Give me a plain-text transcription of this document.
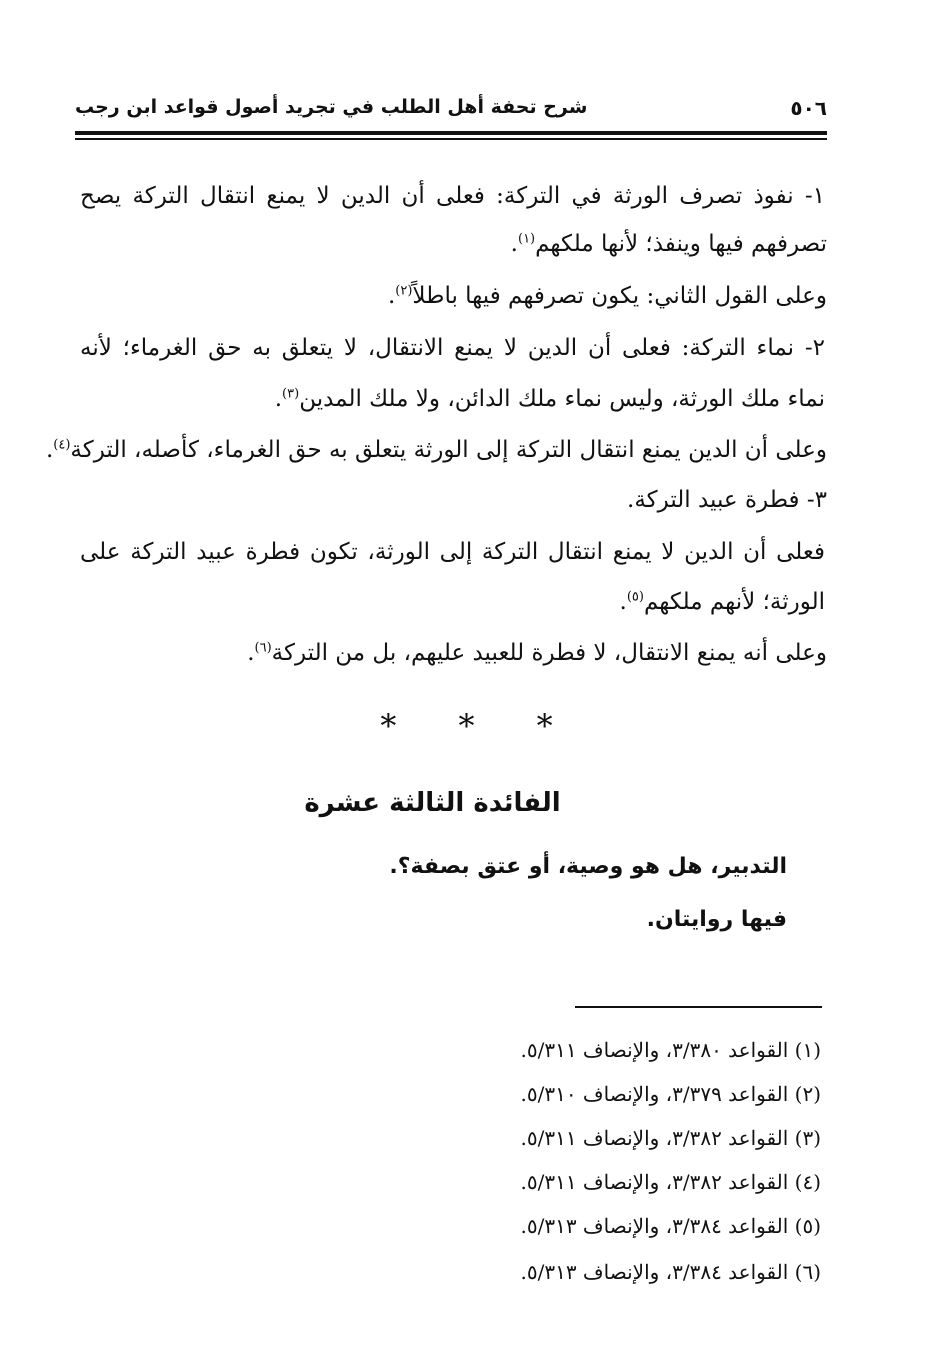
شرح تحفة أهل الطلب في تجريد أصول قواعد ابن رجب	٥٠٦
١- نفوذ تصرف الورثة في التركة: فعلى أن الدين لا يمنع انتقال التركة يصح
تصرفهم فيها وينفذ؛ لأنها ملكهم$^{(١)}$.
وعلى القول الثاني: يكون تصرفهم فيها باطلاً$^{(٢)}$.
٢- نماء التركة: فعلى أن الدين لا يمنع الانتقال، لا يتعلق به حق الغرماء؛ لأنه
نماء ملك الورثة، وليس نماء ملك الدائن، ولا ملك المدين$^{(٣)}$.
وعلى أن الدين يمنع انتقال التركة إلى الورثة يتعلق به حق الغرماء، كأصله، التركة$^{(٤)}$.
٣- فطرة عبيد التركة.
فعلى أن الدين لا يمنع انتقال التركة إلى الورثة، تكون فطرة عبيد التركة على
الورثة؛ لأنهم ملكهم$^{(٥)}$.
وعلى أنه يمنع الانتقال، لا فطرة للعبيد عليهم، بل من التركة$^{(٦)}$.
* * *
الفائدة الثالثة عشرة
التدبير، هل هو وصية، أو عتق بصفة؟.
فيها روايتان.
(١) القواعد ٣/٣٨٠، والإنصاف ٥/٣١١.
(٢) القواعد ٣/٣٧٩، والإنصاف ٥/٣١٠.
(٣) القواعد ٣/٣٨٢، والإنصاف ٥/٣١١.
(٤) القواعد ٣/٣٨٢، والإنصاف ٥/٣١١.
(٥) القواعد ٣/٣٨٤، والإنصاف ٥/٣١٣.
(٦) القواعد ٣/٣٨٤، والإنصاف ٥/٣١٣.
